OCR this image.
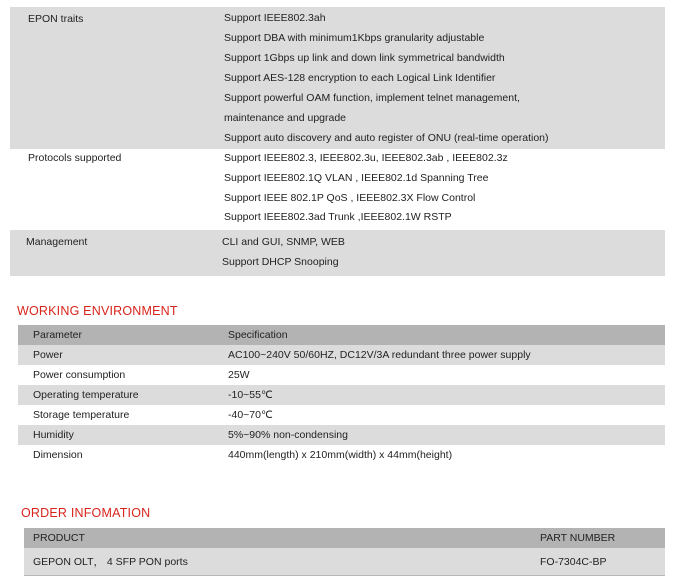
EPON traits	Support IEEE802.3ah
Support DBA with minimum1Kbps granularity adjustable
Support 1Gbps up link and down link symmetrical bandwidth
Support AES-128 encryption to each Logical Link Identifier
Support powerful OAM function, implement telnet management,
maintenance and upgrade
Support auto discovery and auto register of ONU (real-time operation)
Protocols supported	Support IEEE802.3, IEEE802.3u, IEEE802.3ab , IEEE802.3z
Support IEEE802.1Q VLAN , IEEE802.1d Spanning Tree
Support IEEE 802.1P QoS , IEEE802.3X Flow Control
Support IEEE802.3ad Trunk ,IEEE802.1W RSTP
Management	CLI and GUI, SNMP, WEB
Support DHCP Snooping
WORKING ENVIRONMENT
Parameter	Specification
Power	AC100~240V 50/60HZ, DC12V/3A redundant three power supply
Power consumption	25W
Operating temperature	-10~55℃
Storage temperature	-40~70℃
Humidity	5%~90% non-condensing
Dimension	440mm(length) x 210mm(width) x 44mm(height)
ORDER INFOMATION
PRODUCT	PART NUMBER
GEPON OLT， 4 SFP PON ports	FO-7304C-BP
